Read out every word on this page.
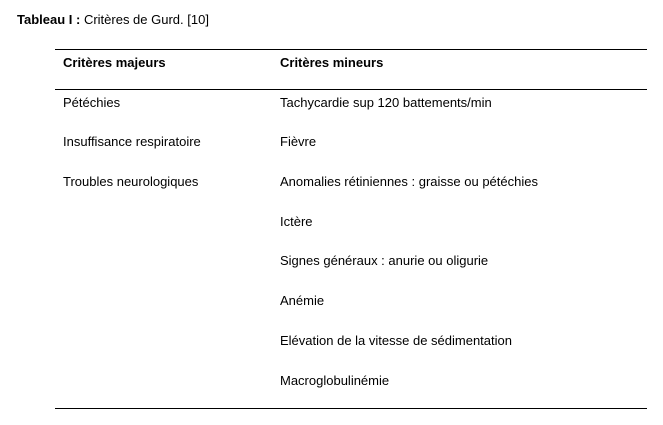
Tableau I : Critères de Gurd. [10]
Critères majeurs
Pétéchies
Insuffisance respiratoire
Troubles neurologiques
Critères mineurs
Tachycardie sup 120 battements/min
Fièvre
Anomalies rétiniennes : graisse ou pétéchies
Ictère
Signes généraux : anurie ou oligurie
Anémie
Elévation de la vitesse de sédimentation
Macroglobulinémie
